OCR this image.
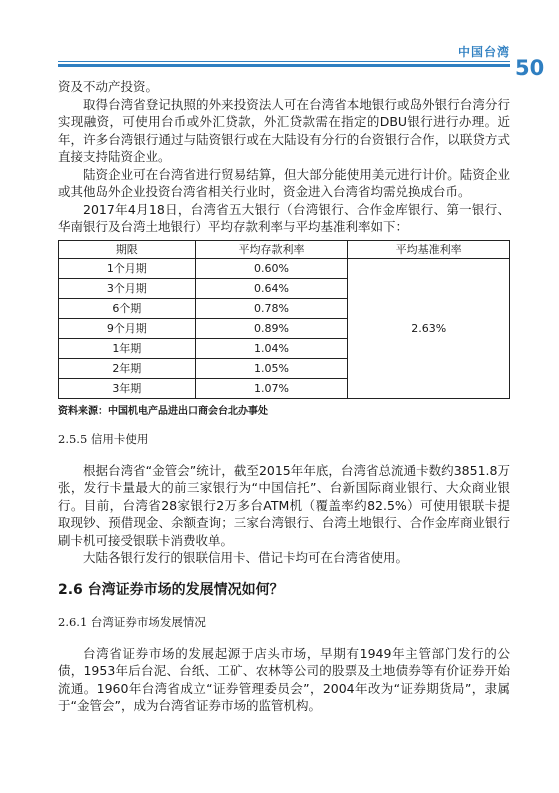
中国台湾
50

资及不动产投资。

取得台湾省登记执照的外来投资法人可在台湾省本地银行或岛外银行台湾分行实现融资，可使用台币或外汇贷款，外汇贷款需在指定的DBU银行进行办理。近年，许多台湾银行通过与陆资银行或在大陆设有分行的台资银行合作，以联贷方式直接支持陆资企业。

陆资企业可在台湾省进行贸易结算，但大部分能使用美元进行计价。陆资企业或其他岛外企业投资台湾省相关行业时，资金进入台湾省均需兑换成台币。

2017年4月18日，台湾省五大银行（台湾银行、合作金库银行、第一银行、华南银行及台湾土地银行）平均存款利率与平均基准利率如下：

期限	平均存款利率	平均基准利率
1个月期	0.60%	2.63%
3个月期	0.64%	
6个期	0.78%	
9个月期	0.89%	
1年期	1.04%	
2年期	1.05%	
3年期	1.07%	

资料来源：中国机电产品进出口商会台北办事处

2.5.5 信用卡使用

根据台湾省“金管会”统计，截至2015年年底，台湾省总流通卡数约3851.8万张，发行卡量最大的前三家银行为“中国信托”、台新国际商业银行、大众商业银行。目前，台湾省28家银行2万多台ATM机（覆盖率约82.5%）可使用银联卡提取现钞、预借现金、余额查询；三家台湾银行、台湾土地银行、合作金库商业银行刷卡机可接受银联卡消费收单。

大陆各银行发行的银联信用卡、借记卡均可在台湾省使用。

2.6 台湾证券市场的发展情况如何？
2.6.1 台湾证券市场发展情况

台湾省证券市场的发展起源于店头市场，早期有1949年主管部门发行的公债，1953年后台泥、台纸、工矿、农林等公司的股票及土地债券等有价证券开始流通。1960年台湾省成立“证券管理委员会”，2004年改为“证券期货局”，隶属于“金管会”，成为台湾省证券市场的监管机构。
